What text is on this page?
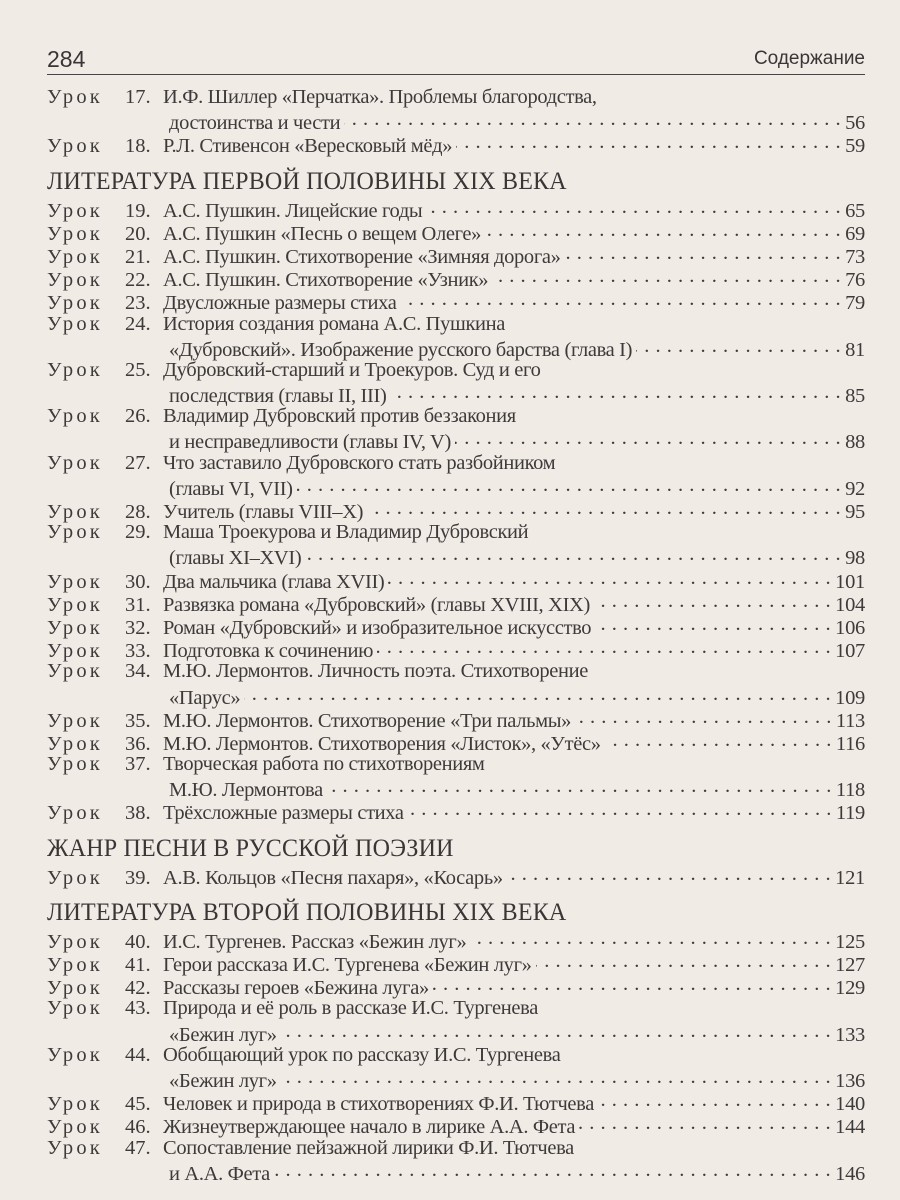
284	Содержание
Урок	17. И.Ф. Шиллер «Перчатка». Проблемы благородства,
достоинства и чести . . .	56
Урок	18. Р.Л. Стивенсон «Вересковый мёд» . . .	59
ЛИТЕРАТУРА ПЕРВОЙ ПОЛОВИНЫ XIX ВЕКА
Урок	19. А.С. Пушкин. Лицейские годы . . .	65
Урок	20. А.С. Пушкин «Песнь о вещем Олеге» . . .	69
Урок	21. А.С. Пушкин. Стихотворение «Зимняя дорога» . . .	73
Урок	22. А.С. Пушкин. Стихотворение «Узник» . . .	76
Урок	23. Двусложные размеры стиха . . .	79
Урок	24. История создания романа А.С. Пушкина
«Дубровский». Изображение русского барства (глава I) . . .	81
Урок	25. Дубровский-старший и Троекуров. Суд и его
последствия (главы II, III) . . .	85
Урок	26. Владимир Дубровский против беззакония
и несправедливости (главы IV, V) . . .	88
Урок	27. Что заставило Дубровского стать разбойником
(главы VI, VII) . . .	92
Урок	28. Учитель (главы VIII–X) . . .	95
Урок	29. Маша Троекурова и Владимир Дубровский
(главы XI–XVI) . . .	98
Урок	30. Два мальчика (глава XVII) . . .	101
Урок	31. Развязка романа «Дубровский» (главы XVIII, XIX) . . .	104
Урок	32. Роман «Дубровский» и изобразительное искусство . . .	106
Урок	33. Подготовка к сочинению . . .	107
Урок	34. М.Ю. Лермонтов. Личность поэта. Стихотворение
«Парус» . . .	109
Урок	35. М.Ю. Лермонтов. Стихотворение «Три пальмы» . . .	113
Урок	36. М.Ю. Лермонтов. Стихотворения «Листок», «Утёс» . . .	116
Урок	37. Творческая работа по стихотворениям
М.Ю. Лермонтова . . .	118
Урок	38. Трёхсложные размеры стиха . . .	119
ЖАНР ПЕСНИ В РУССКОЙ ПОЭЗИИ
Урок	39. А.В. Кольцов «Песня пахаря», «Косарь» . . .	121
ЛИТЕРАТУРА ВТОРОЙ ПОЛОВИНЫ XIX ВЕКА
Урок	40. И.С. Тургенев. Рассказ «Бежин луг» . . .	125
Урок	41. Герои рассказа И.С. Тургенева «Бежин луг» . . .	127
Урок	42. Рассказы героев «Бежина луга» . . .	129
Урок	43. Природа и её роль в рассказе И.С. Тургенева
«Бежин луг» . . .	133
Урок	44. Обобщающий урок по рассказу И.С. Тургенева
«Бежин луг» . . .	136
Урок	45. Человек и природа в стихотворениях Ф.И. Тютчева . . .	140
Урок	46. Жизнеутверждающее начало в лирике А.А. Фета . . .	144
Урок	47. Сопоставление пейзажной лирики Ф.И. Тютчева
и А.А. Фета . . .	146
